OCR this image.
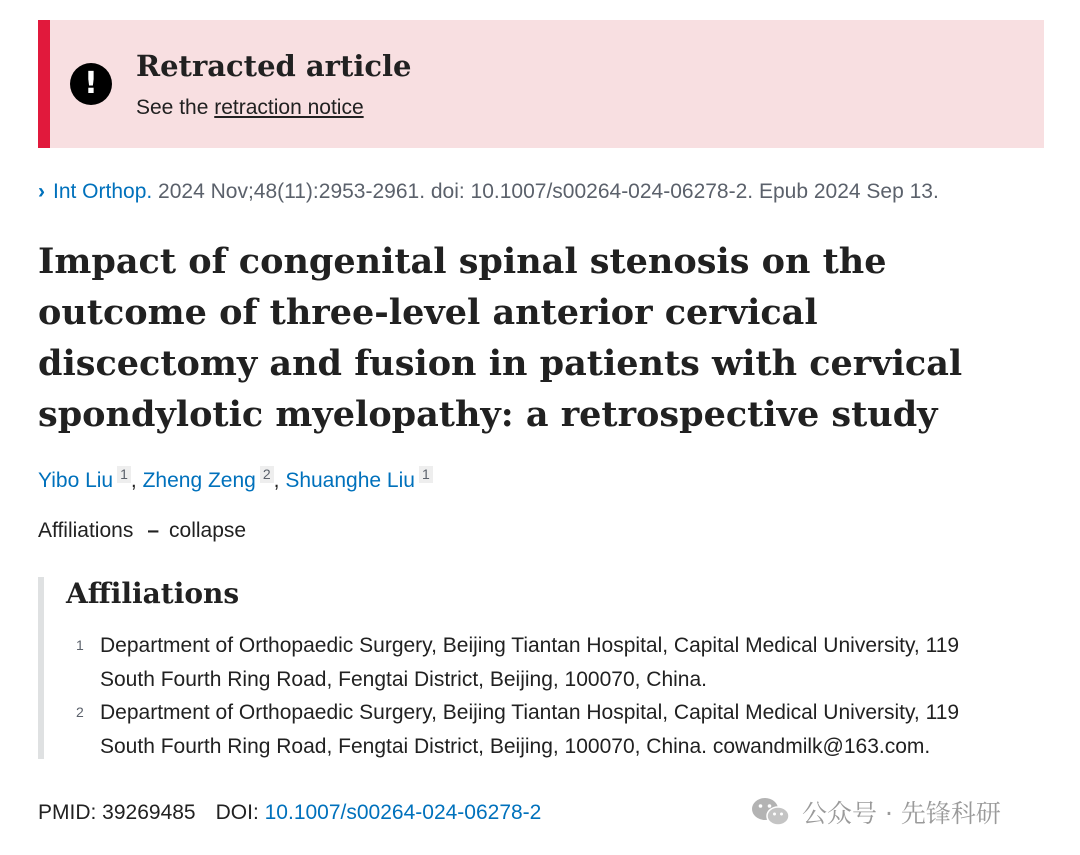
!	Retracted article
See the retraction notice
› Int Orthop. 2024 Nov;48(11):2953-2961. doi: 10.1007/s00264-024-06278-2. Epub 2024 Sep 13.
Impact of congenital spinal stenosis on the outcome of three-level anterior cervical discectomy and fusion in patients with cervical spondylotic myelopathy: a retrospective study
Yibo Liu 1 , Zheng Zeng 2 , Shuanghe Liu 1
Affiliations – collapse
Affiliations
1 Department of Orthopaedic Surgery, Beijing Tiantan Hospital, Capital Medical University, 119
South Fourth Ring Road, Fengtai District, Beijing, 100070, China.
2 Department of Orthopaedic Surgery, Beijing Tiantan Hospital, Capital Medical University, 119
South Fourth Ring Road, Fengtai District, Beijing, 100070, China. cowandmilk@163.com.
PMID: 39269485 DOI: 10.1007/s00264-024-06278-2	公众号 · 先锋科研
